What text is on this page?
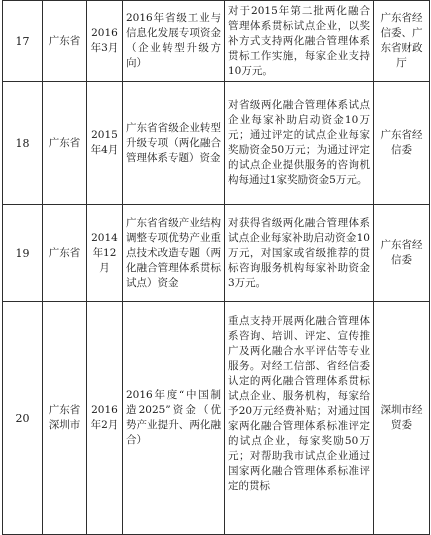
17	广东省	2016年3月	2016年省级工业与信息化发展专项资金（企业转型升级方向）	对于2015年第二批两化融合管理体系贯标试点企业，以奖补方式支持两化融合管理体系贯标工作实施，每家企业支持10万元。	广东省经信委、广东省财政厅
18	广东省	2015年4月	广东省省级企业转型升级专项（两化融合管理体系专题）资金	对省级两化融合管理体系试点企业每家补助启动资金10万元；通过评定的试点企业每家奖励资金50万元；为通过评定的试点企业提供服务的咨询机构每通过1家奖励资金5万元。	广东省经信委
19	广东省	2014年12月	广东省省级产业结构调整专项优势产业重点技术改造专题（两化融合管理体系贯标试点）资金	对获得省级两化融合管理体系试点企业每家补助启动资金10万元，对国家或省级推荐的贯标咨询服务机构每家补助资金3万元。	广东省经信委
20	广东省深圳市	2016年2月	2016年度“中国制造2025”资金（优势产业提升、两化融合）	重点支持开展两化融合管理体系咨询、培训、评定、宣传推广及两化融合水平评估等专业服务。对经工信部、省经信委认定的两化融合管理体系贯标试点企业、服务机构，每家给予20万元经费补贴；对通过国家两化融合管理体系标准评定的试点企业，每家奖励50万元；对帮助我市试点企业通过国家两化融合管理体系标准评定的贯标	深圳市经贸委
